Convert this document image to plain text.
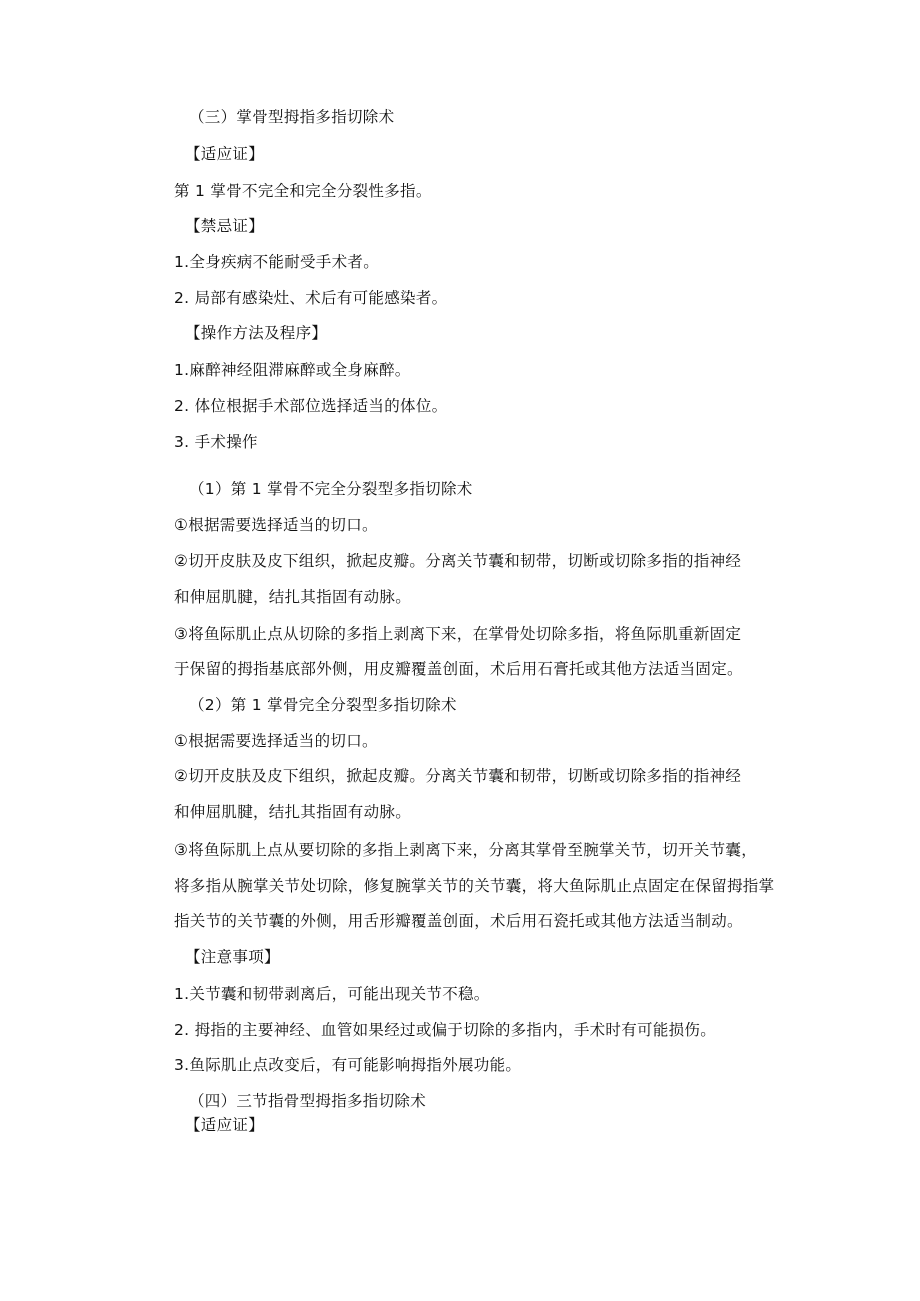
（三）掌骨型拇指多指切除术
【适应证】
第 1 掌骨不完全和完全分裂性多指。
【禁忌证】
1.全身疾病不能耐受手术者。
2. 局部有感染灶、术后有可能感染者。
【操作方法及程序】
1.麻醉神经阻滞麻醉或全身麻醉。
2. 体位根据手术部位选择适当的体位。
3. 手术操作
（1）第 1 掌骨不完全分裂型多指切除术
①根据需要选择适当的切口。
②切开皮肤及皮下组织，掀起皮瓣。分离关节囊和韧带，切断或切除多指的指神经
和伸屈肌腱，结扎其指固有动脉。
③将鱼际肌止点从切除的多指上剥离下来，在掌骨处切除多指，将鱼际肌重新固定
于保留的拇指基底部外侧，用皮瓣覆盖创面，术后用石膏托或其他方法适当固定。
（2）第 1 掌骨完全分裂型多指切除术
①根据需要选择适当的切口。
②切开皮肤及皮下组织，掀起皮瓣。分离关节囊和韧带，切断或切除多指的指神经
和伸屈肌腱，结扎其指固有动脉。
③将鱼际肌上点从要切除的多指上剥离下来，分离其掌骨至腕掌关节，切开关节囊，
将多指从腕掌关节处切除，修复腕掌关节的关节囊，将大鱼际肌止点固定在保留拇指掌
指关节的关节囊的外侧，用舌形瓣覆盖创面，术后用石瓷托或其他方法适当制动。
【注意事项】
1.关节囊和韧带剥离后，可能出现关节不稳。
2. 拇指的主要神经、血管如果经过或偏于切除的多指内，手术时有可能损伤。
3.鱼际肌止点改变后，有可能影响拇指外展功能。
（四）三节指骨型拇指多指切除术
【适应证】
